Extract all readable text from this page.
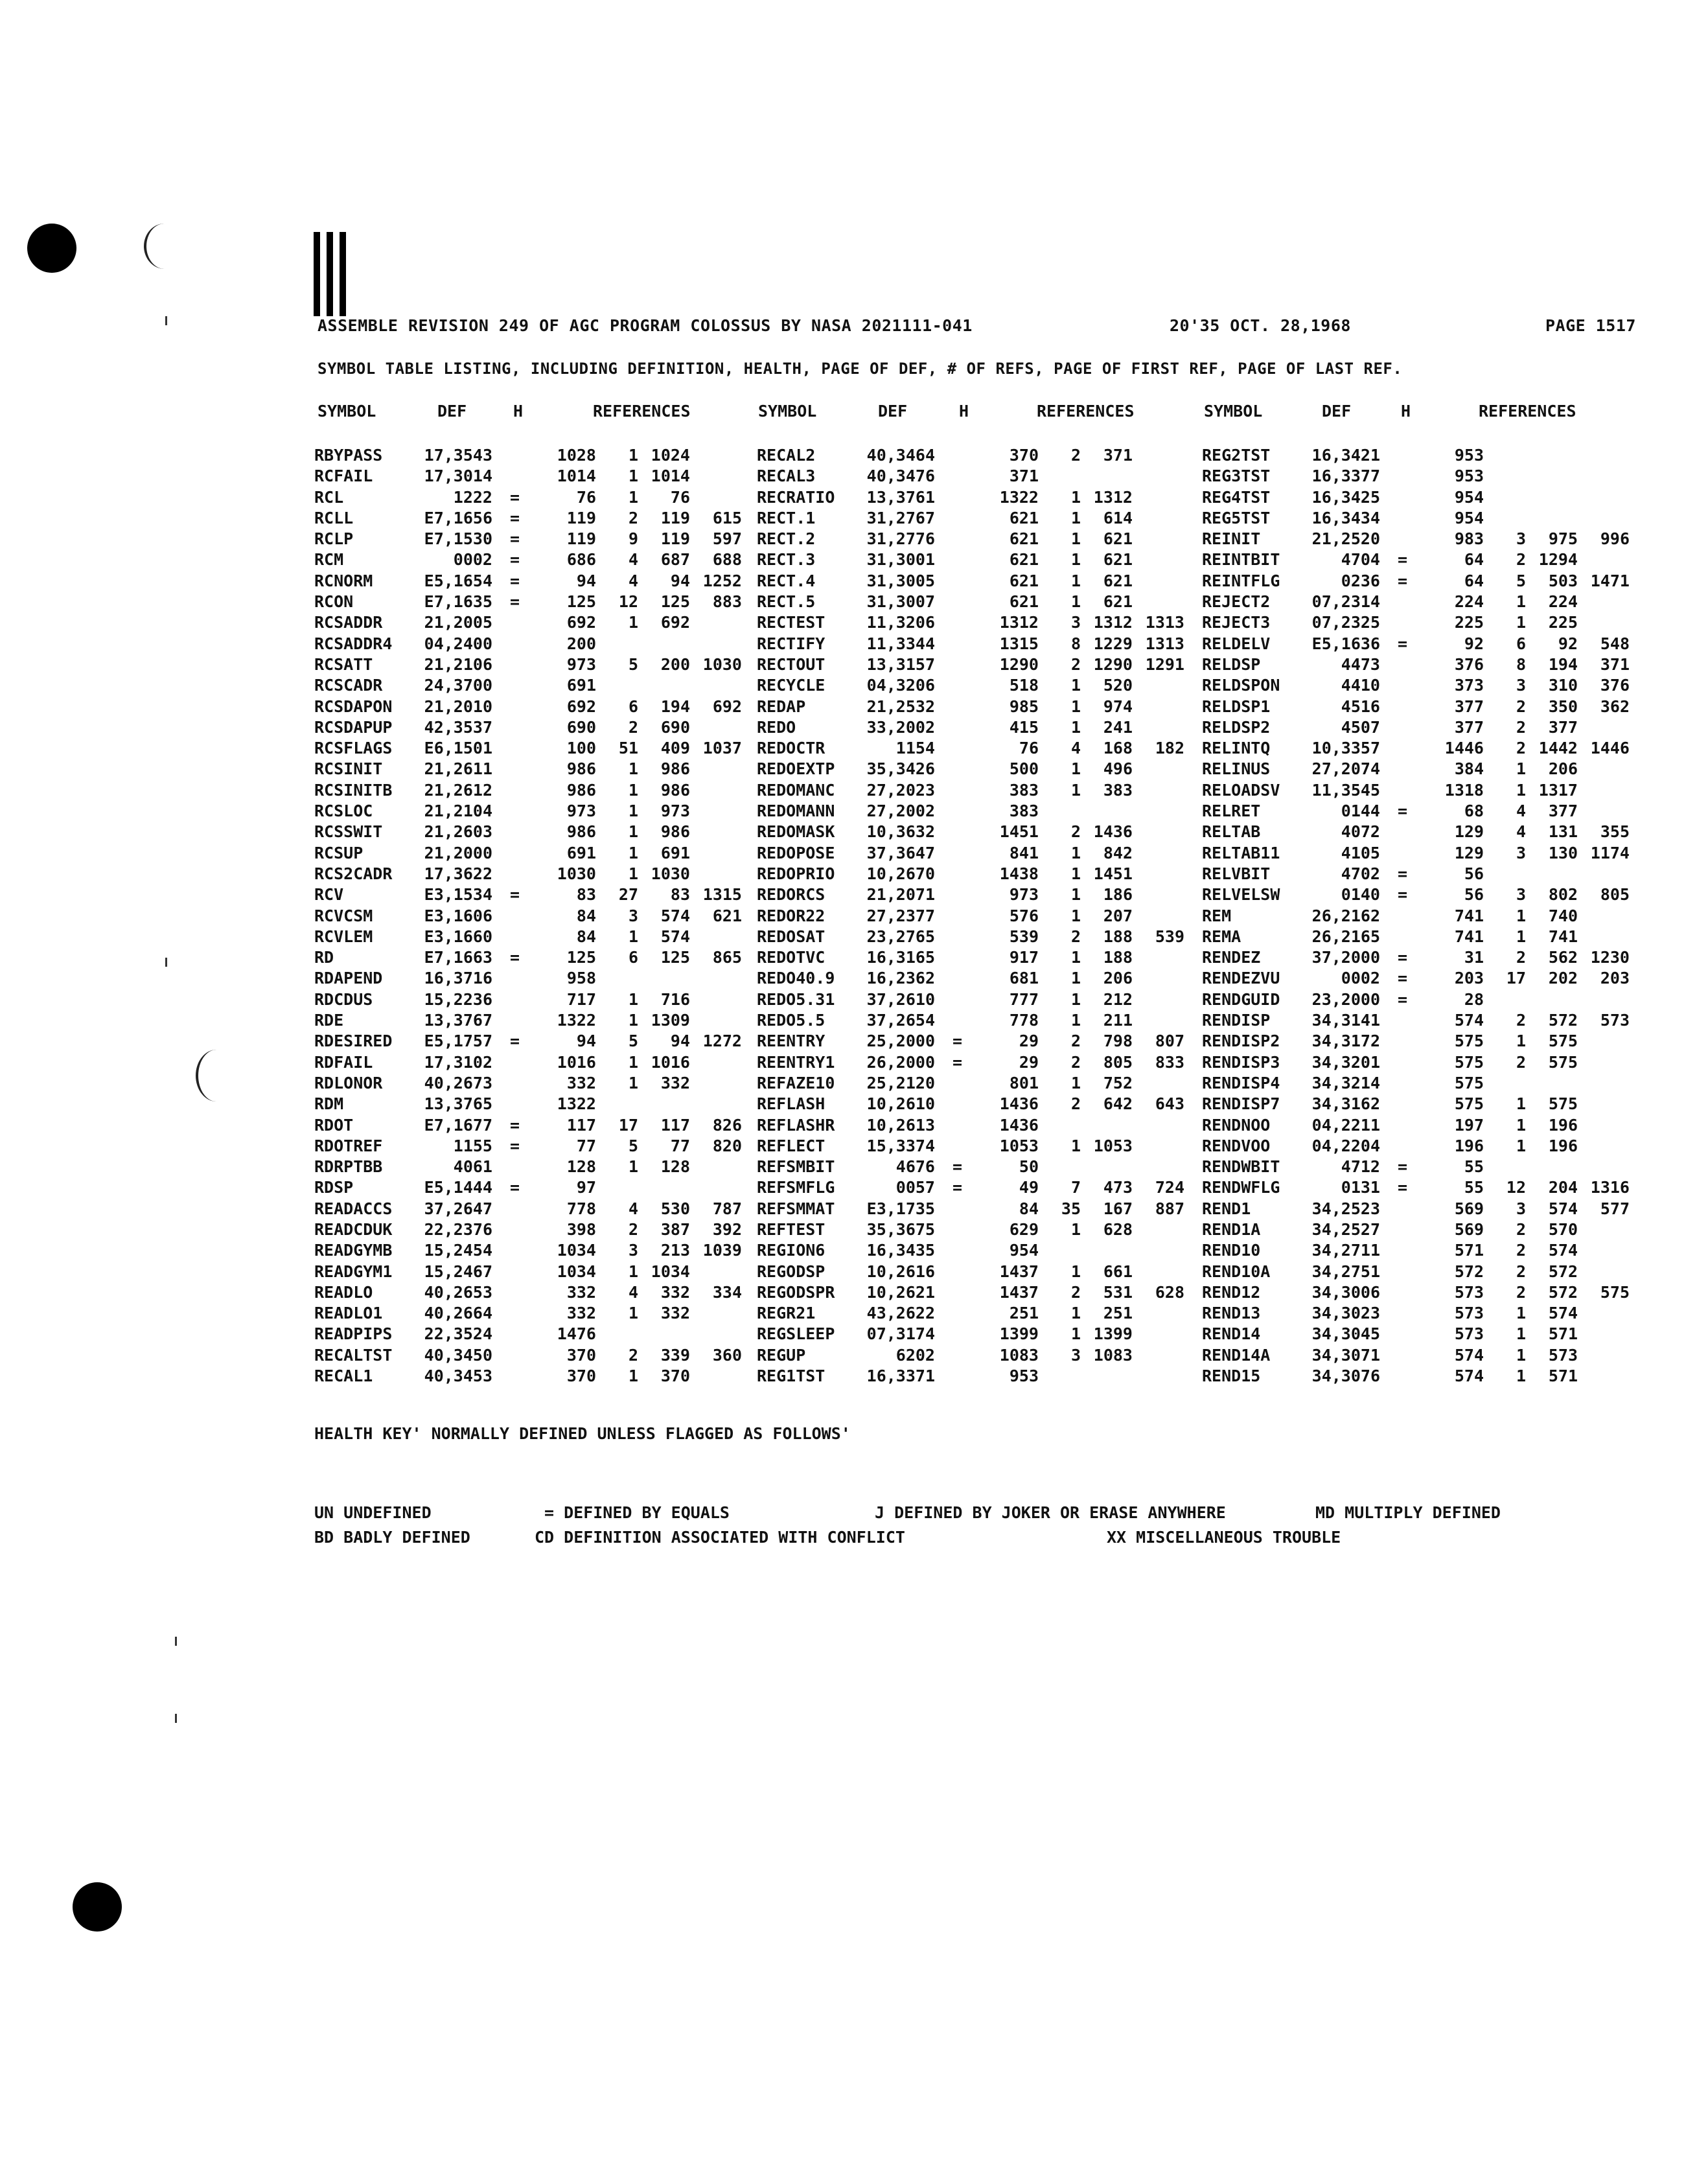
ASSEMBLE REVISION 249 OF AGC PROGRAM COLOSSUS BY NASA 2021111-041	20'35 OCT. 28,1968	PAGE 1517
SYMBOL TABLE LISTING, INCLUDING DEFINITION, HEALTH, PAGE OF DEF, # OF REFS, PAGE OF FIRST REF, PAGE OF LAST REF.
SYMBOL	DEF	H	REFERENCES	SYMBOL	DEF	H	REFERENCES	SYMBOL	DEF	H	REFERENCES
RBYPASS	17,3543	1028	1 1024
RCFAIL	17,3014	1014	1 1014
RCL	1222 =	76	1	76
RCLL	E7,1656 =	119	2	119	615
RCLP	E7,1530 =	119	9	119	597
RCM	0002 =	686	4	687	688
RCNORM	E5,1654 =	94	4	94 1252
RCON	E7,1635 =	125	12	125	883
RCSADDR	21,2005	692	1	692
RCSADDR4	04,2400	200
RCSATT	21,2106	973	5	200 1030
RCSCADR	24,3700	691
RCSDAPON	21,2010	692	6	194	692
RCSDAPUP	42,3537	690	2	690
RCSFLAGS	E6,1501	100	51	409 1037
RCSINIT	21,2611	986	1	986
RCSINITB	21,2612	986	1	986
RCSLOC	21,2104	973	1	973
RCSSWIT	21,2603	986	1	986
RCSUP	21,2000	691	1	691
RCS2CADR	17,3622	1030	1 1030
RCV	E3,1534 =	83	27	83 1315
RCVCSM	E3,1606	84	3	574	621
RCVLEM	E3,1660	84	1	574
RD	E7,1663 =	125	6	125	865
RDAPEND	16,3716	958
RDCDUS	15,2236	717	1	716
RDE	13,3767	1322	1 1309
RDESIRED	E5,1757 =	94	5	94 1272
RDFAIL	17,3102	1016	1 1016
RDLONOR	40,2673	332	1	332
RDM	13,3765	1322
RDOT	E7,1677 =	117	17	117	826
RDOTREF	1155 =	77	5	77	820
RDRPTBB	4061	128	1	128
RDSP	E5,1444 =	97
READACCS	37,2647	778	4	530	787
READCDUK	22,2376	398	2	387	392
READGYMB	15,2454	1034	3	213 1039
READGYM1	15,2467	1034	1 1034
READLO	40,2653	332	4	332	334
READLO1	40,2664	332	1	332
READPIPS	22,3524	1476
RECALTST	40,3450	370	2	339	360
RECAL1	40,3453	370	1	370
RECAL2	40,3464	370	2	371
RECAL3	40,3476	371
RECRATIO	13,3761	1322	1 1312
RECT.1	31,2767	621	1	614
RECT.2	31,2776	621	1	621
RECT.3	31,3001	621	1	621
RECT.4	31,3005	621	1	621
RECT.5	31,3007	621	1	621
RECTEST	11,3206	1312	3 1312 1313
RECTIFY	11,3344	1315	8 1229 1313
RECTOUT	13,3157	1290	2 1290 1291
RECYCLE	04,3206	518	1	520
REDAP	21,2532	985	1	974
REDO	33,2002	415	1	241
REDOCTR	1154	76	4	168	182
REDOEXTP	35,3426	500	1	496
REDOMANC	27,2023	383	1	383
REDOMANN	27,2002	383
REDOMASK	10,3632	1451	2 1436
REDOPOSE	37,3647	841	1	842
REDOPRIO	10,2670	1438	1 1451
REDORCS	21,2071	973	1	186
REDOR22	27,2377	576	1	207
REDOSAT	23,2765	539	2	188	539
REDOTVC	16,3165	917	1	188
REDO40.9	16,2362	681	1	206
REDO5.31	37,2610	777	1	212
REDO5.5	37,2654	778	1	211
REENTRY	25,2000 =	29	2	798	807
REENTRY1	26,2000 =	29	2	805	833
REFAZE10	25,2120	801	1	752
REFLASH	10,2610	1436	2	642	643
REFLASHR	10,2613	1436
REFLECT	15,3374	1053	1 1053
REFSMBIT	4676 =	50
REFSMFLG	0057 =	49	7	473	724
REFSMMAT	E3,1735	84	35	167	887
REFTEST	35,3675	629	1	628
REGION6	16,3435	954
REGODSP	10,2616	1437	1	661
REGODSPR	10,2621	1437	2	531	628
REGR21	43,2622	251	1	251
REGSLEEP	07,3174	1399	1 1399
REGUP	6202	1083	3 1083
REG1TST	16,3371	953
REG2TST	16,3421	953
REG3TST	16,3377	953
REG4TST	16,3425	954
REG5TST	16,3434	954
REINIT	21,2520	983	3	975	996
REINTBIT	4704 =	64	2 1294
REINTFLG	0236 =	64	5	503 1471
REJECT2	07,2314	224	1	224
REJECT3	07,2325	225	1	225
RELDELV	E5,1636 =	92	6	92	548
RELDSP	4473	376	8	194	371
RELDSPON	4410	373	3	310	376
RELDSP1	4516	377	2	350	362
RELDSP2	4507	377	2	377
RELINTQ	10,3357	1446	2 1442 1446
RELINUS	27,2074	384	1	206
RELOADSV	11,3545	1318	1 1317
RELRET	0144 =	68	4	377
RELTAB	4072	129	4	131	355
RELTAB11	4105	129	3	130 1174
RELVBIT	4702 =	56
RELVELSW	0140 =	56	3	802	805
REM	26,2162	741	1	740
REMA	26,2165	741	1	741
RENDEZ	37,2000 =	31	2	562 1230
RENDEZVU	0002 =	203	17	202	203
RENDGUID	23,2000 =	28
RENDISP	34,3141	574	2	572	573
RENDISP2	34,3172	575	1	575
RENDISP3	34,3201	575	2	575
RENDISP4	34,3214	575
RENDISP7	34,3162	575	1	575
RENDNOO	04,2211	197	1	196
RENDVOO	04,2204	196	1	196
RENDWBIT	4712 =	55
RENDWFLG	0131 =	55	12	204 1316
REND1	34,2523	569	3	574	577
REND1A	34,2527	569	2	570
REND10	34,2711	571	2	574
REND10A	34,2751	572	2	572
REND12	34,3006	573	2	572	575
REND13	34,3023	573	1	574
REND14	34,3045	573	1	571
REND14A	34,3071	574	1	573
REND15	34,3076	574	1	571
HEALTH KEY' NORMALLY DEFINED UNLESS FLAGGED AS FOLLOWS'
UN UNDEFINED	= DEFINED BY EQUALS	J DEFINED BY JOKER OR ERASE ANYWHERE	MD MULTIPLY DEFINED
BD BADLY DEFINED	CD DEFINITION ASSOCIATED WITH CONFLICT	XX MISCELLANEOUS TROUBLE
